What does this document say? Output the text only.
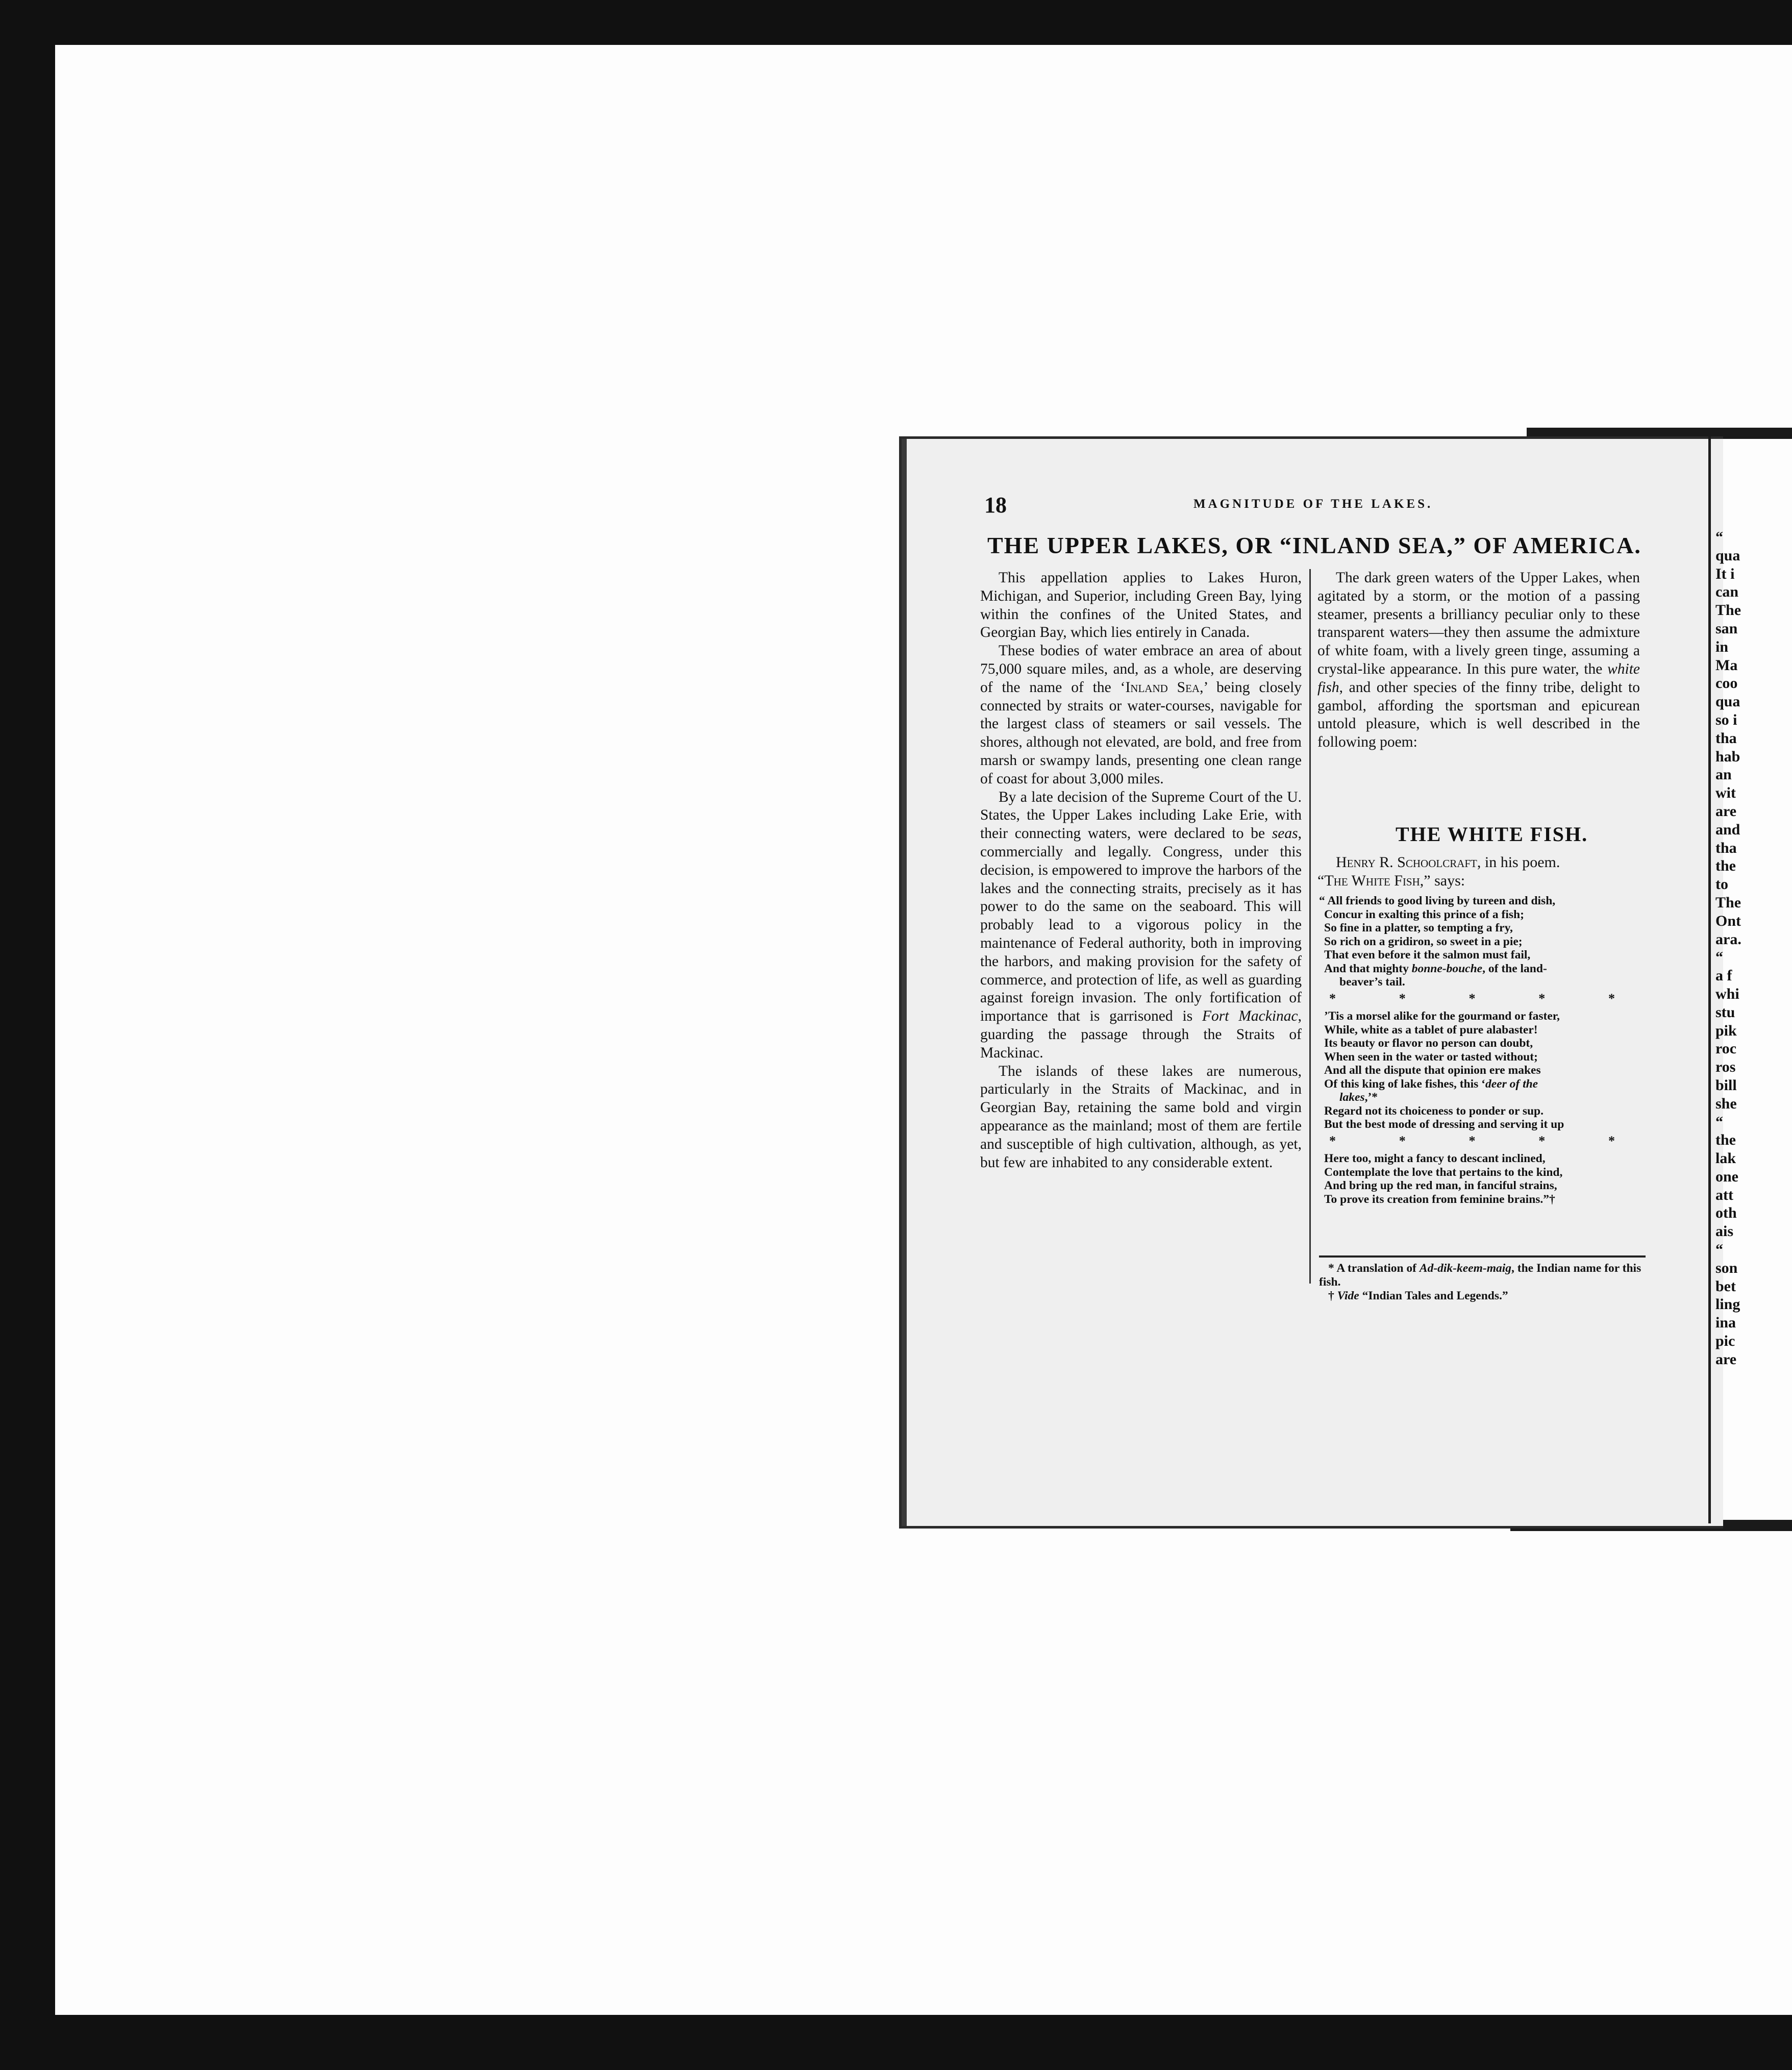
18	MAGNITUDE OF THE LAKES.
THE UPPER LAKES, OR “INLAND SEA,” OF AMERICA.

This appellation applies to Lakes Huron, Michigan, and Superior, including Green Bay, lying within the confines of the United States, and Georgian Bay, which lies entirely in Canada.

These bodies of water embrace an area of about 75,000 square miles, and, as a whole, are deserving of the name of the ‘Inland Sea,’ being closely connected by straits or water-courses, navigable for the largest class of steamers or sail vessels. The shores, although not elevated, are bold, and free from marsh or swampy lands, presenting one clean range of coast for about 3,000 miles.

By a late decision of the Supreme Court of the U. States, the Upper Lakes including Lake Erie, with their connecting waters, were declared to be seas, commercially and legally. Congress, under this decision, is empowered to improve the harbors of the lakes and the connecting straits, precisely as it has power to do the same on the seaboard. This will probably lead to a vigorous policy in the maintenance of Federal authority, both in improving the harbors, and making provision for the safety of commerce, and protection of life, as well as guarding against foreign invasion. The only fortification of importance that is garrisoned is Fort Mackinac, guarding the passage through the Straits of Mackinac.

The islands of these lakes are numerous, particularly in the Straits of Mackinac, and in Georgian Bay, retaining the same bold and virgin appearance as the mainland; most of them are fertile and susceptible of high cultivation, although, as yet, but few are inhabited to any considerable extent.

The dark green waters of the Upper Lakes, when agitated by a storm, or the motion of a passing steamer, presents a brilliancy peculiar only to these transparent waters—they then assume the admixture of white foam, with a lively green tinge, assuming a crystal-like appearance. In this pure water, the white fish, and other species of the finny tribe, delight to gambol, affording the sportsman and epicurean untold pleasure, which is well described in the following poem:

THE WHITE FISH.

Henry R. Schoolcraft, in his poem.

“The White Fish,” says:

“ All friends to good living by tureen and dish,
Concur in exalting this prince of a fish;
So fine in a platter, so tempting a fry,
So rich on a gridiron, so sweet in a pie;
That even before it the salmon must fail,
And that mighty bonne-bouche, of the land-
beaver’s tail.
*	*	*	*	*
’Tis a morsel alike for the gourmand or faster,
While, white as a tablet of pure alabaster!
Its beauty or flavor no person can doubt,
When seen in the water or tasted without;
And all the dispute that opinion ere makes
Of this king of lake fishes, this ‘deer of the
lakes,’*
Regard not its choiceness to ponder or sup.
But the best mode of dressing and serving it up
*	*	*	*	*
Here too, might a fancy to descant inclined,
Contemplate the love that pertains to the kind,
And bring up the red man, in fanciful strains,
To prove its creation from feminine brains.”†

* A translation of Ad-dik-keem-maig, the Indian name for this fish.

† Vide “Indian Tales and Legends.”

“
qua
It i
can
The
san
in
Ma
coo
qua
so i
tha
hab
an
wit
are
and
tha
the
to
The
Ont
ara.
“
a f
whi
stu
pik
roc
ros
bill
she
“
the
lak
one
att
oth
ais
“
son
bet
ling
ina
pic
are
